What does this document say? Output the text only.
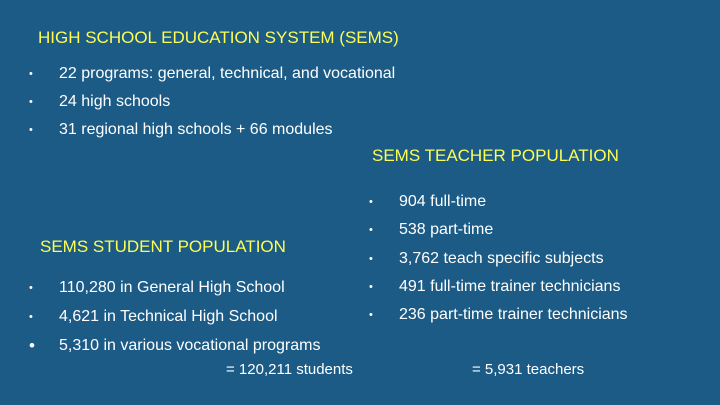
HIGH SCHOOL EDUCATION SYSTEM (SEMS)
•	22 programs: general, technical, and vocational
•	24 high schools
•	31 regional high schools + 66 modules
SEMS TEACHER POPULATION
•	904 full-time
•	538 part-time
•	3,762 teach specific subjects
•	491 full-time trainer technicians
•	236 part-time trainer technicians
SEMS STUDENT POPULATION
•	110,280 in General High School
•	4,621 in Technical High School
•	5,310 in various vocational programs
= 120,211 students	= 5,931 teachers
